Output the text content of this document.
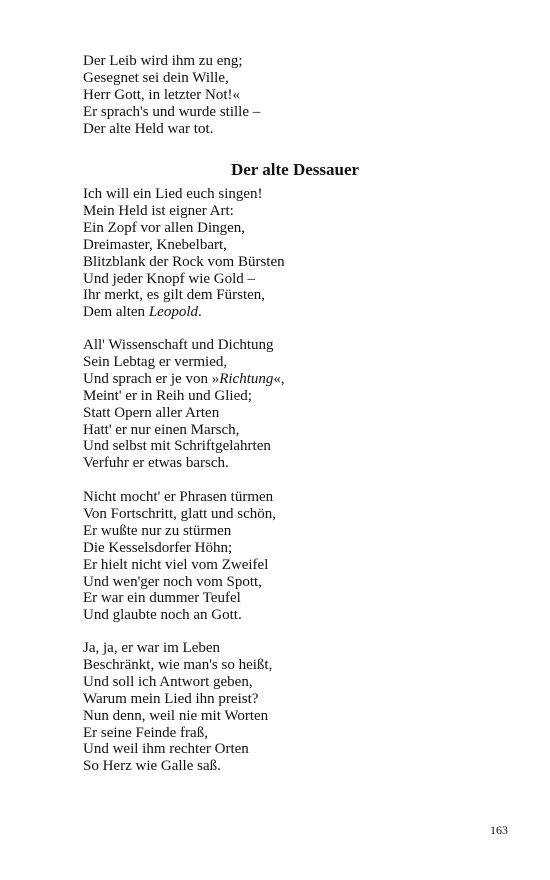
Der Leib wird ihm zu eng;
Gesegnet sei dein Wille,
Herr Gott, in letzter Not!«
Er sprach's und wurde stille –
Der alte Held war tot.
Der alte Dessauer
Ich will ein Lied euch singen!
Mein Held ist eigner Art:
Ein Zopf vor allen Dingen,
Dreimaster, Knebelbart,
Blitzblank der Rock vom Bürsten
Und jeder Knopf wie Gold –
Ihr merkt, es gilt dem Fürsten,
Dem alten Leopold.
All' Wissenschaft und Dichtung
Sein Lebtag er vermied,
Und sprach er je von »Richtung«,
Meint' er in Reih und Glied;
Statt Opern aller Arten
Hatt' er nur einen Marsch,
Und selbst mit Schriftgelahrten
Verfuhr er etwas barsch.
Nicht mocht' er Phrasen türmen
Von Fortschritt, glatt und schön,
Er wußte nur zu stürmen
Die Kesselsdorfer Höhn;
Er hielt nicht viel vom Zweifel
Und wen'ger noch vom Spott,
Er war ein dummer Teufel
Und glaubte noch an Gott.
Ja, ja, er war im Leben
Beschränkt, wie man's so heißt,
Und soll ich Antwort geben,
Warum mein Lied ihn preist?
Nun denn, weil nie mit Worten
Er seine Feinde fraß,
Und weil ihm rechter Orten
So Herz wie Galle saß.
163
